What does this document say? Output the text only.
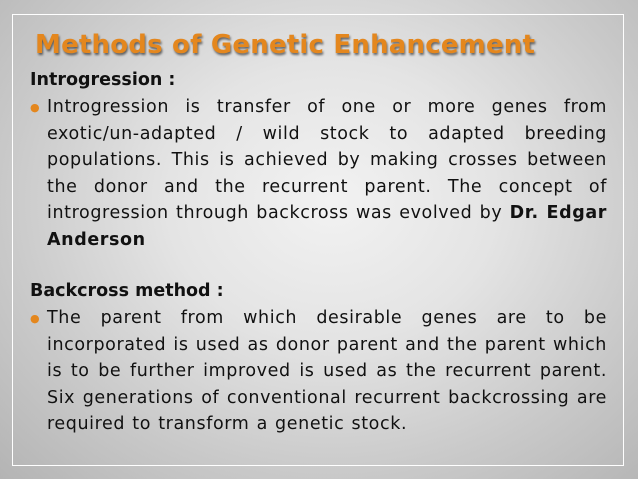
Methods of Genetic Enhancement

Introgression :

● Introgression is transfer of one or more genes from exotic/un-adapted / wild stock to adapted breeding populations. This is achieved by making crosses between the donor and the recurrent parent. The concept of introgression through backcross was evolved by Dr. Edgar Anderson

Backcross method :

● The parent from which desirable genes are to be incorporated is used as donor parent and the parent which is to be further improved is used as the recurrent parent. Six generations of conventional recurrent backcrossing are required to transform a genetic stock.
